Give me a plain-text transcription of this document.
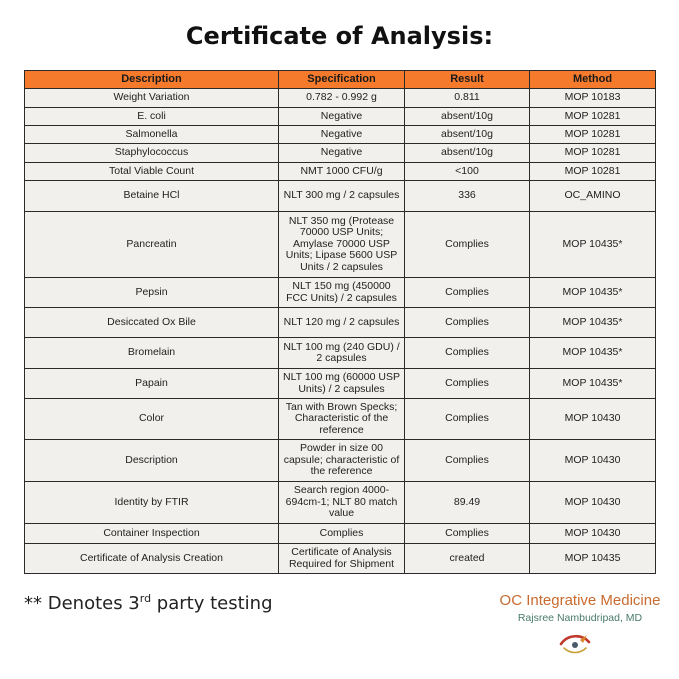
Certificate of Analysis:
Description	Specification	Result	Method
Weight Variation	0.782 - 0.992 g	0.811	MOP 10183
E. coli	Negative	absent/10g	MOP 10281
Salmonella	Negative	absent/10g	MOP 10281
Staphylococcus	Negative	absent/10g	MOP 10281
Total Viable Count	NMT 1000 CFU/g	<100	MOP 10281
Betaine HCl	NLT 300 mg / 2 capsules	336	OC_AMINO
Pancreatin	NLT 350 mg (Protease 70000 USP Units; Amylase 70000 USP Units; Lipase 5600 USP Units / 2 capsules	Complies	MOP 10435*
Pepsin	NLT 150 mg (450000 FCC Units) / 2 capsules	Complies	MOP 10435*
Desiccated Ox Bile	NLT 120 mg / 2 capsules	Complies	MOP 10435*
Bromelain	NLT 100 mg (240 GDU) / 2 capsules	Complies	MOP 10435*
Papain	NLT 100 mg (60000 USP Units) / 2 capsules	Complies	MOP 10435*
Color	Tan with Brown Specks; Characteristic of the reference	Complies	MOP 10430
Description	Powder in size 00 capsule; characteristic of the reference	Complies	MOP 10430
Identity by FTIR	Search region 4000-694cm-1; NLT 80 match value	89.49	MOP 10430
Container Inspection	Complies	Complies	MOP 10430
Certificate of Analysis Creation	Certificate of Analysis Required for Shipment	created	MOP 10435
** Denotes 3rd party testing	OC Integrative Medicine
Rajsree Nambudripad, MD
